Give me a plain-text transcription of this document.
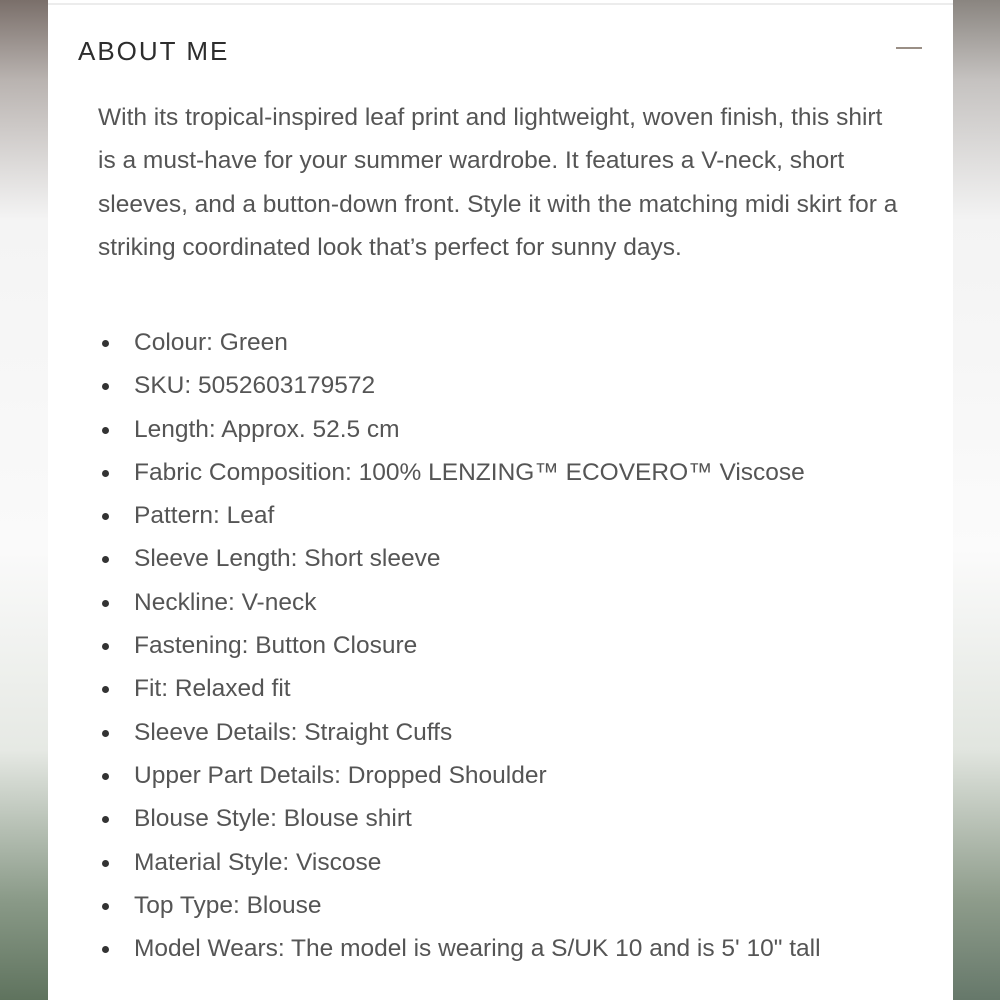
ABOUT ME

With its tropical-inspired leaf print and lightweight, woven finish, this shirt is a must-have for your summer wardrobe. It features a V-neck, short sleeves, and a button-down front. Style it with the matching midi skirt for a striking coordinated look that’s perfect for sunny days.

Colour: Green
SKU: 5052603179572
Length: Approx. 52.5 cm
Fabric Composition: 100% LENZING™ ECOVERO™ Viscose
Pattern: Leaf
Sleeve Length: Short sleeve
Neckline: V-neck
Fastening: Button Closure
Fit: Relaxed fit
Sleeve Details: Straight Cuffs
Upper Part Details: Dropped Shoulder
Blouse Style: Blouse shirt
Material Style: Viscose
Top Type: Blouse
Model Wears: The model is wearing a S/UK 10 and is 5' 10" tall
